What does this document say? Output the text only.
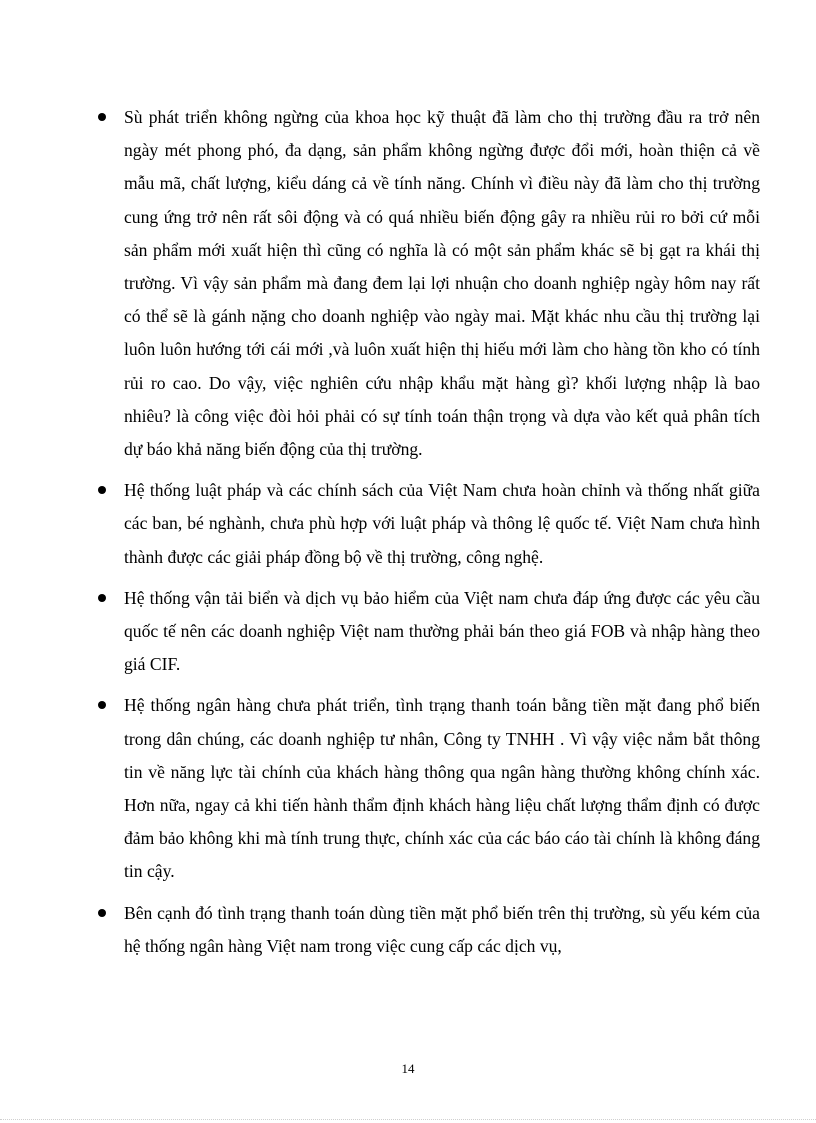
Sù phát triển không ngừng của khoa học kỹ thuật đã làm cho thị trường đầu ra trở nên ngày mét phong phó, đa dạng, sản phẩm không ngừng được đổi mới, hoàn thiện cả về mẫu mã, chất lượng, kiểu dáng cả về tính năng. Chính vì điều này đã làm cho thị trường cung ứng trở nên rất sôi động và có quá nhiều biến động gây ra nhiều rủi ro bởi cứ mỗi sản phẩm mới xuất hiện thì cũng có nghĩa là có một sản phẩm khác sẽ bị gạt ra khái thị trường. Vì vậy sản phẩm mà đang đem lại lợi nhuận cho doanh nghiệp ngày hôm nay rất có thể sẽ là gánh nặng cho doanh nghiệp vào ngày mai. Mặt khác nhu cầu thị trường lại luôn luôn hướng tới cái mới ,và luôn xuất hiện thị hiếu mới làm cho hàng tồn kho có tính rủi ro cao. Do vậy, việc nghiên cứu nhập khẩu mặt hàng gì? khối lượng nhập là bao nhiêu? là công việc đòi hỏi phải có sự tính toán thận trọng và dựa vào kết quả phân tích dự báo khả năng biến động của thị trường.
Hệ thống luật pháp và các chính sách của Việt Nam chưa hoàn chỉnh và thống nhất giữa các ban, bé nghành, chưa phù hợp với luật pháp và thông lệ quốc tế. Việt Nam chưa hình thành được các giải pháp đồng bộ về thị trường, công nghệ.
Hệ thống vận tải biển và dịch vụ bảo hiểm của Việt nam chưa đáp ứng được các yêu cầu quốc tế nên các doanh nghiệp Việt nam thường phải bán theo giá FOB và nhập hàng theo giá CIF.
Hệ thống ngân hàng chưa phát triển, tình trạng thanh toán bằng tiền mặt đang phổ biến trong dân chúng, các doanh nghiệp tư nhân, Công ty TNHH . Vì vậy việc nắm bắt thông tin về năng lực tài chính của khách hàng thông qua ngân hàng thường không chính xác. Hơn nữa, ngay cả khi tiến hành thẩm định khách hàng liệu chất lượng thẩm định có được đảm bảo không khi mà tính trung thực, chính xác của các báo cáo tài chính là không đáng tin cậy.
Bên cạnh đó tình trạng thanh toán dùng tiền mặt phổ biến trên thị trường, sù yếu kém của hệ thống ngân hàng Việt nam trong việc cung cấp các dịch vụ,
14
